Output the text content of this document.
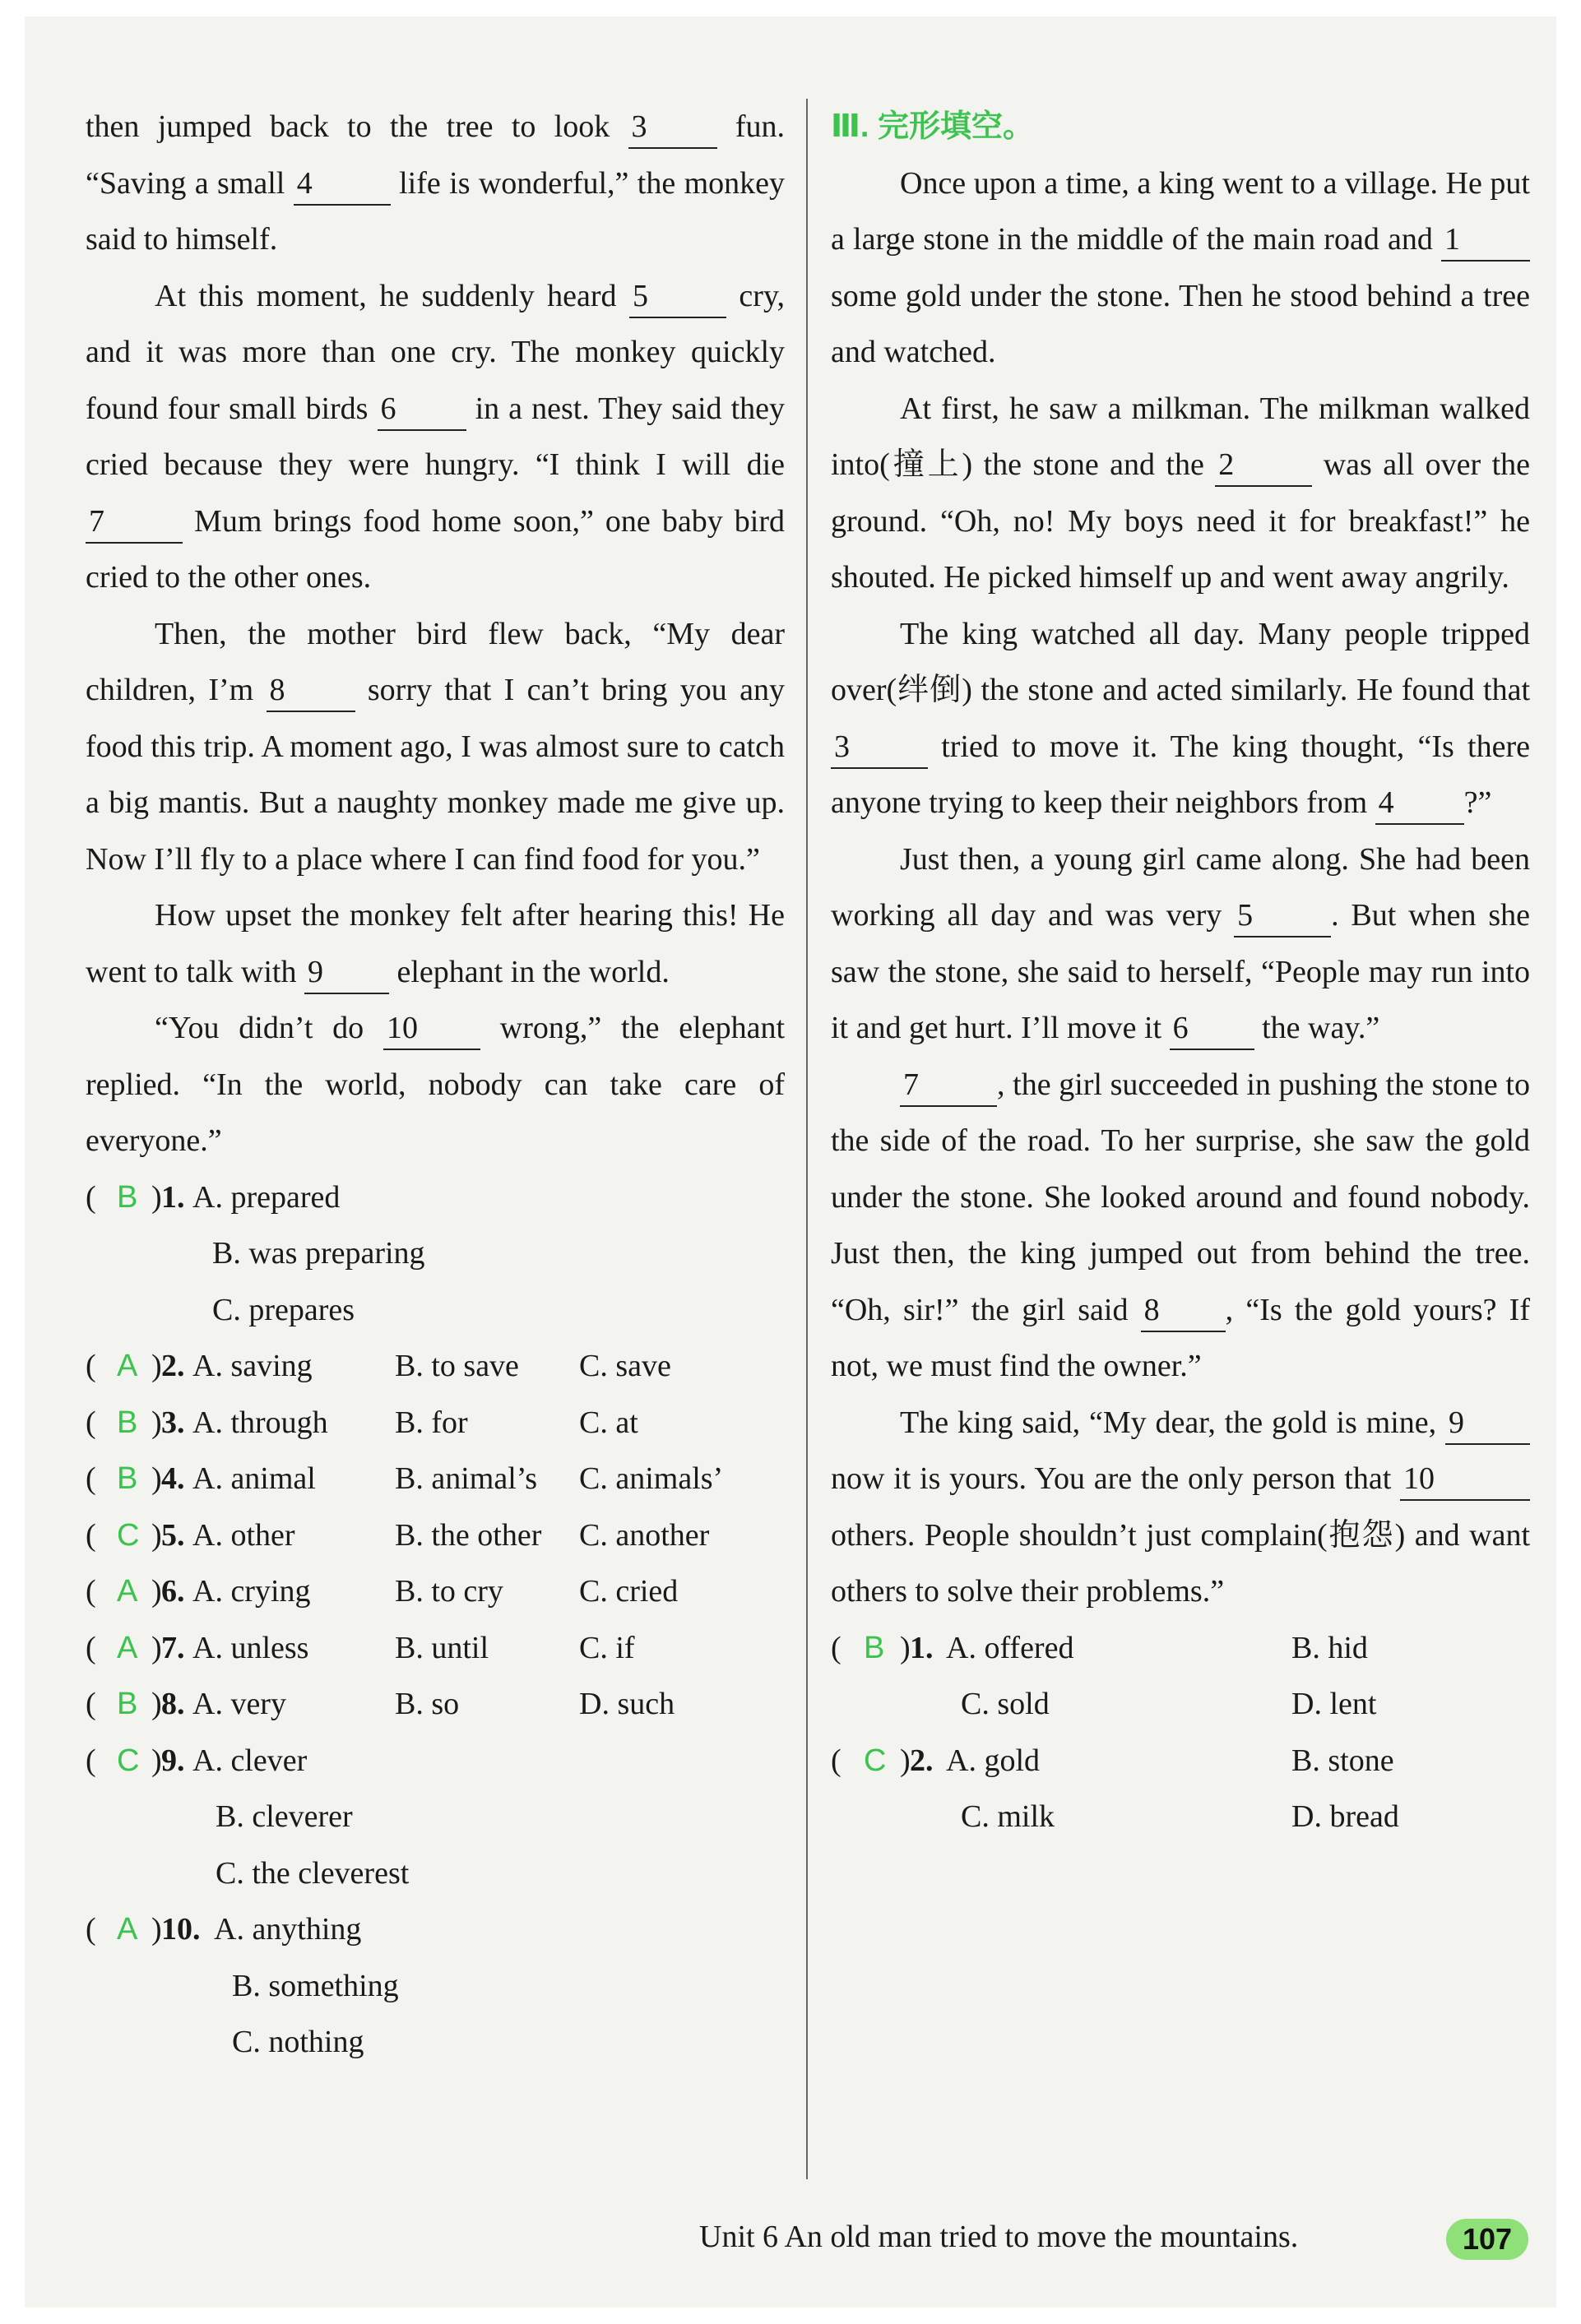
then jumped back to the tree to look 3 fun. “Saving a small 4	life is wonderful,” the monkey said to himself.

At this moment, he suddenly heard 5	cry, and it was more than one cry. The monkey quickly found four small birds 6 in a nest. They said they cried because they were hungry. “I think I will die 7	Mum brings food home soon,” one baby bird cried to the other ones.

Then, the mother bird flew back, “My dear children, I’m 8 sorry that I can’t bring you any food this trip. A moment ago, I was almost sure to catch a big mantis. But a naughty monkey made me give up. Now I’ll fly to a place where I can find food for you.”

How upset the monkey felt after hearing this! He went to talk with 9 elephant in the world.

“You didn’t do 10 wrong,” the elephant replied. “In the world, nobody can take care of everyone.”

( B ) 1. A. prepared
B. was preparing
C. prepares
( A ) 2. A. saving	B. to save C. save
( B ) 3. A. through B. for	C. at
( B ) 4. A. animal	B. animal’s C. animals’
( C ) 5. A. other	B. the other C. another
( A ) 6. A. crying	B. to cry C. cried
( A ) 7. A. unless	B. until	C. if
( B ) 8. A. very	B. so	D. such
( C ) 9. A. clever
B. cleverer
C. the cleverest
( A ) 10. A. anything
B. something
C. nothing

Ⅲ. 完形填空。

Once upon a time, a king went to a village. He put a large stone in the middle of the main road and 1 some gold under the stone. Then he stood behind a tree and watched.

At first, he saw a milkman. The milkman walked into(撞上) the stone and the 2	was all over the ground. “Oh, no! My boys need it for breakfast!” he shouted. He picked himself up and went away angrily.

The king watched all day. Many people tripped over(绊倒) the stone and acted similarly. He found that 3	tried to move it. The king thought, “Is there anyone trying to keep their neighbors from 4 ?”

Just then, a young girl came along. She had been working all day and was very 5	. But when she saw the stone, she said to herself, “People may run into it and get hurt. I’ll move it 6 the way.”

7	, the girl succeeded in pushing the stone to the side of the road. To her surprise, she saw the gold under the stone. She looked around and found nobody. Just then, the king jumped out from behind the tree. “Oh, sir!” the girl said 8 , “Is the gold yours? If not, we must find the owner.”

The king said, “My dear, the gold is mine, 9 now it is yours. You are the only person that 10 others. People shouldn’t just complain(抱怨) and want others to solve their problems.”

( B ) 1. A. offered	B. hid
C. sold	D. lent
( C ) 2. A. gold	B. stone
C. milk	D. bread
Unit 6 An old man tried to move the mountains.	107
